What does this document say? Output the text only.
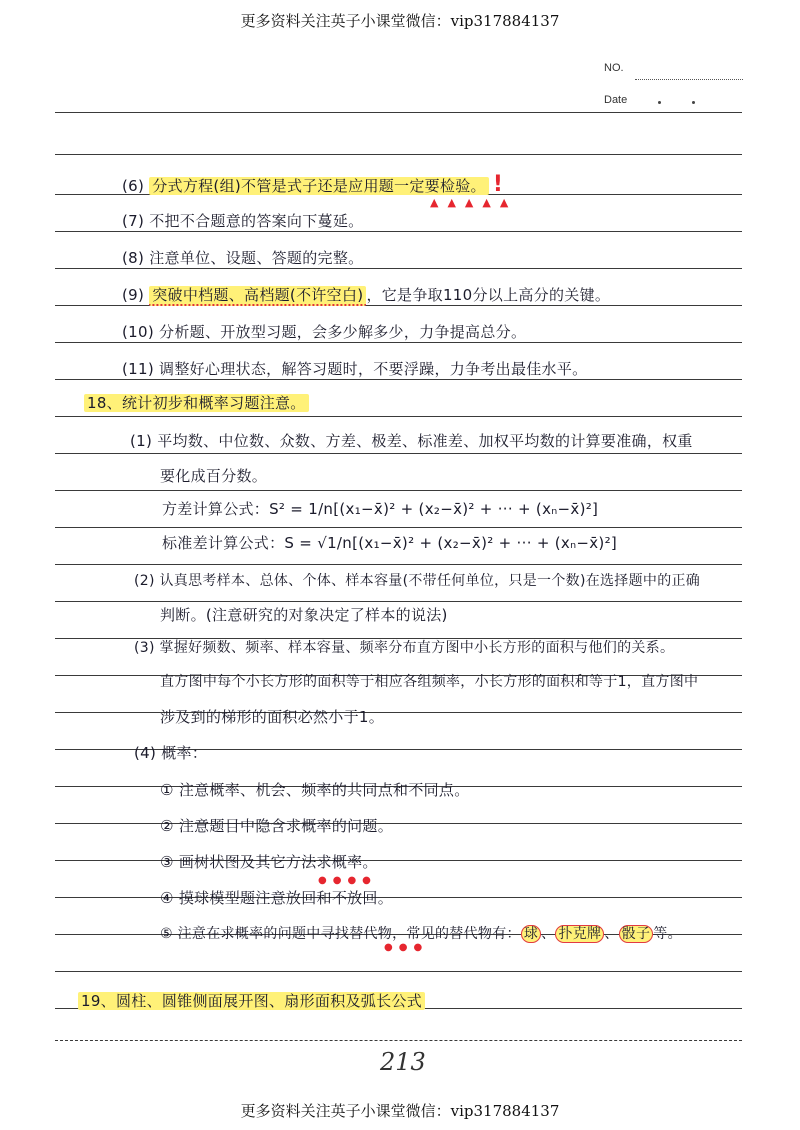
更多资料关注英子小课堂微信：vip317884137
NO.
Date
(6) 分式方程(组)不管是式子还是应用题一定要检验。 !
▲▲▲▲▲
(7) 不把不合题意的答案向下蔓延。
(8) 注意单位、设题、答题的完整。
(9) 突破中档题、高档题(不许空白) ，它是争取110分以上高分的关键。
(10) 分析题、开放型习题，会多少解多少，力争提高总分。
(11) 调整好心理状态，解答习题时，不要浮躁，力争考出最佳水平。
18、统计初步和概率习题注意。
(1) 平均数、中位数、众数、方差、极差、标准差、加权平均数的计算要准确，权重
要化成百分数。
方差计算公式：S² = 1/n[(x₁−x̄)² + (x₂−x̄)² + ··· + (xₙ−x̄)²]
标准差计算公式：S = √1/n[(x₁−x̄)² + (x₂−x̄)² + ··· + (xₙ−x̄)²]
(2) 认真思考样本、总体、个体、样本容量(不带任何单位，只是一个数)在选择题中的正确
判断。(注意研究的对象决定了样本的说法)
(3) 掌握好频数、频率、样本容量、频率分布直方图中小长方形的面积与他们的关系。
直方图中每个小长方形的面积等于相应各组频率，小长方形的面积和等于1，直方图中
涉及到的梯形的面积必然小于1。
(4) 概率：
① 注意概率、机会、频率的共同点和不同点。
② 注意题目中隐含求概率的问题。
③ 画树状图及其它方法求概率。
④ 摸球模型题注意放回和不放回。
●●●●
⑤ 注意在求概率的问题中寻找替代物，常见的替代物有： 球 、 扑克牌 、 骰子 等。
●●●
19、圆柱、圆锥侧面展开图、扇形面积及弧长公式
213
更多资料关注英子小课堂微信：vip317884137
